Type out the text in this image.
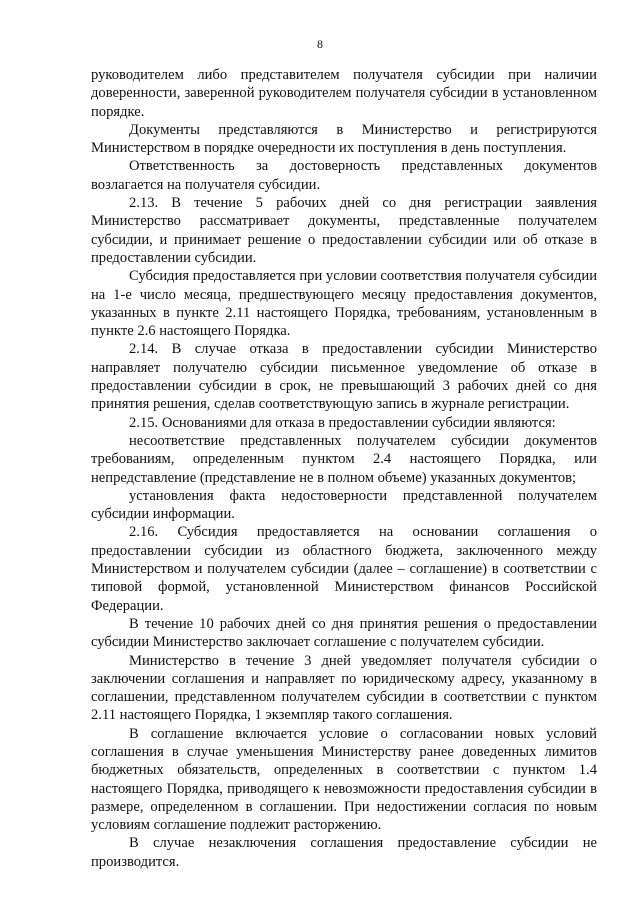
8

руководителем либо представителем получателя субсидии при наличии доверенности, заверенной руководителем получателя субсидии в установленном порядке.

Документы представляются в Министерство и регистрируются Министерством в порядке очередности их поступления в день поступления.

Ответственность за достоверность представленных документов возлагается на получателя субсидии.

2.13. В течение 5 рабочих дней со дня регистрации заявления Министерство рассматривает документы, представленные получателем субсидии, и принимает решение о предоставлении субсидии или об отказе в предоставлении субсидии.

Субсидия предоставляется при условии соответствия получателя субсидии на 1-е число месяца, предшествующего месяцу предоставления документов, указанных в пункте 2.11 настоящего Порядка, требованиям, установленным в пункте 2.6 настоящего Порядка.

2.14. В случае отказа в предоставлении субсидии Министерство направляет получателю субсидии письменное уведомление об отказе в предоставлении субсидии в срок, не превышающий 3 рабочих дней со дня принятия решения, сделав соответствующую запись в журнале регистрации.

2.15. Основаниями для отказа в предоставлении субсидии являются:

несоответствие представленных получателем субсидии документов требованиям, определенным пунктом 2.4 настоящего Порядка, или непредставление (представление не в полном объеме) указанных документов;

установления факта недостоверности представленной получателем субсидии информации.

2.16. Субсидия предоставляется на основании соглашения о предоставлении субсидии из областного бюджета, заключенного между Министерством и получателем субсидии (далее – соглашение) в соответствии с типовой формой, установленной Министерством финансов Российской Федерации.

В течение 10 рабочих дней со дня принятия решения о предоставлении субсидии Министерство заключает соглашение с получателем субсидии.

Министерство в течение 3 дней уведомляет получателя субсидии о заключении соглашения и направляет по юридическому адресу, указанному в соглашении, представленном получателем субсидии в соответствии с пунктом 2.11 настоящего Порядка, 1 экземпляр такого соглашения.

В соглашение включается условие о согласовании новых условий соглашения в случае уменьшения Министерству ранее доведенных лимитов бюджетных обязательств, определенных в соответствии с пунктом 1.4 настоящего Порядка, приводящего к невозможности предоставления субсидии в размере, определенном в соглашении. При недостижении согласия по новым условиям соглашение подлежит расторжению.

В случае незаключения соглашения предоставление субсидии не производится.
